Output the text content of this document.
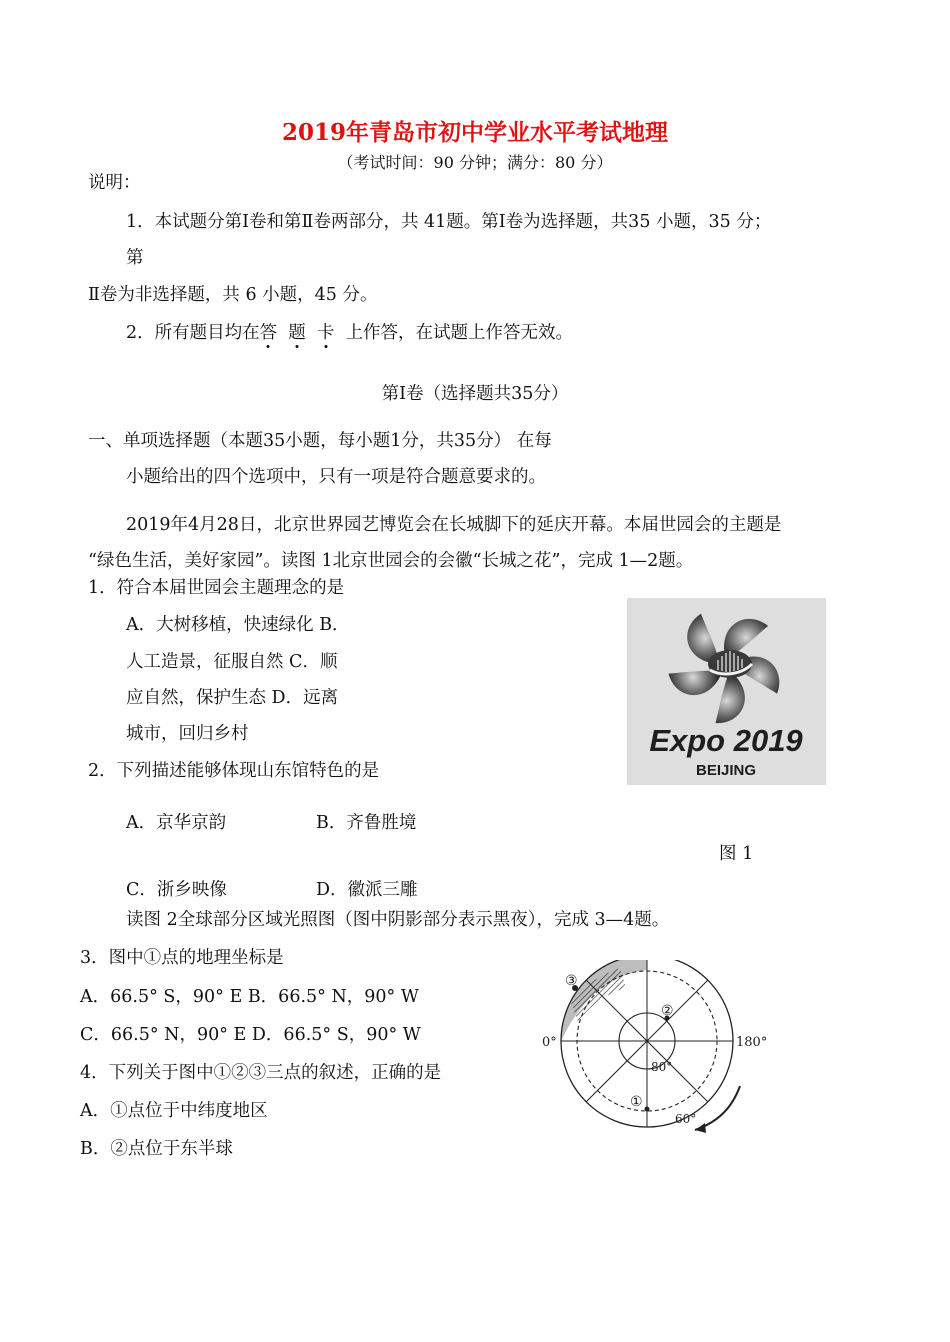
2019年青岛市初中学业水平考试地理
（考试时间：90 分钟；满分：80 分）
说明：
1．本试题分第Ⅰ卷和第Ⅱ卷两部分，共 41题。第Ⅰ卷为选择题，共35 小题，35 分；
第
Ⅱ卷为非选择题，共 6 小题，45 分。
2．所有题目均在答 题 卡 上作答，在试题上作答无效。
第Ⅰ卷（选择题共35分）
一、单项选择题（本题35小题，每小题1分，共35分） 在每
小题给出的四个选项中，只有一项是符合题意要求的。
2019年4月28日，北京世界园艺博览会在长城脚下的延庆开幕。本届世园会的主题是
“绿色生活，美好家园”。读图 1北京世园会的会徽“长城之花”，完成 1—2题。
1．符合本届世园会主题理念的是
A．大树移植，快速绿化 B．
人工造景，征服自然 C．顺
应自然，保护生态 D．远离
城市，回归乡村	Expo 2019
BEIJING
2．下列描述能够体现山东馆特色的是
A．京华京韵	B．齐鲁胜境
图 1
C．浙乡映像	D．徽派三雕
读图 2全球部分区域光照图（图中阴影部分表示黑夜），完成 3—4题。
3．图中①点的地理坐标是
A．66.5° S，90° E B．66.5° N，90° W
C．66.5° N，90° E D．66.5° S，90° W
4．下列关于图中①②③三点的叙述，正确的是
A．①点位于中纬度地区
B．②点位于东半球
③
②
①
0°	180°
80°
60°
